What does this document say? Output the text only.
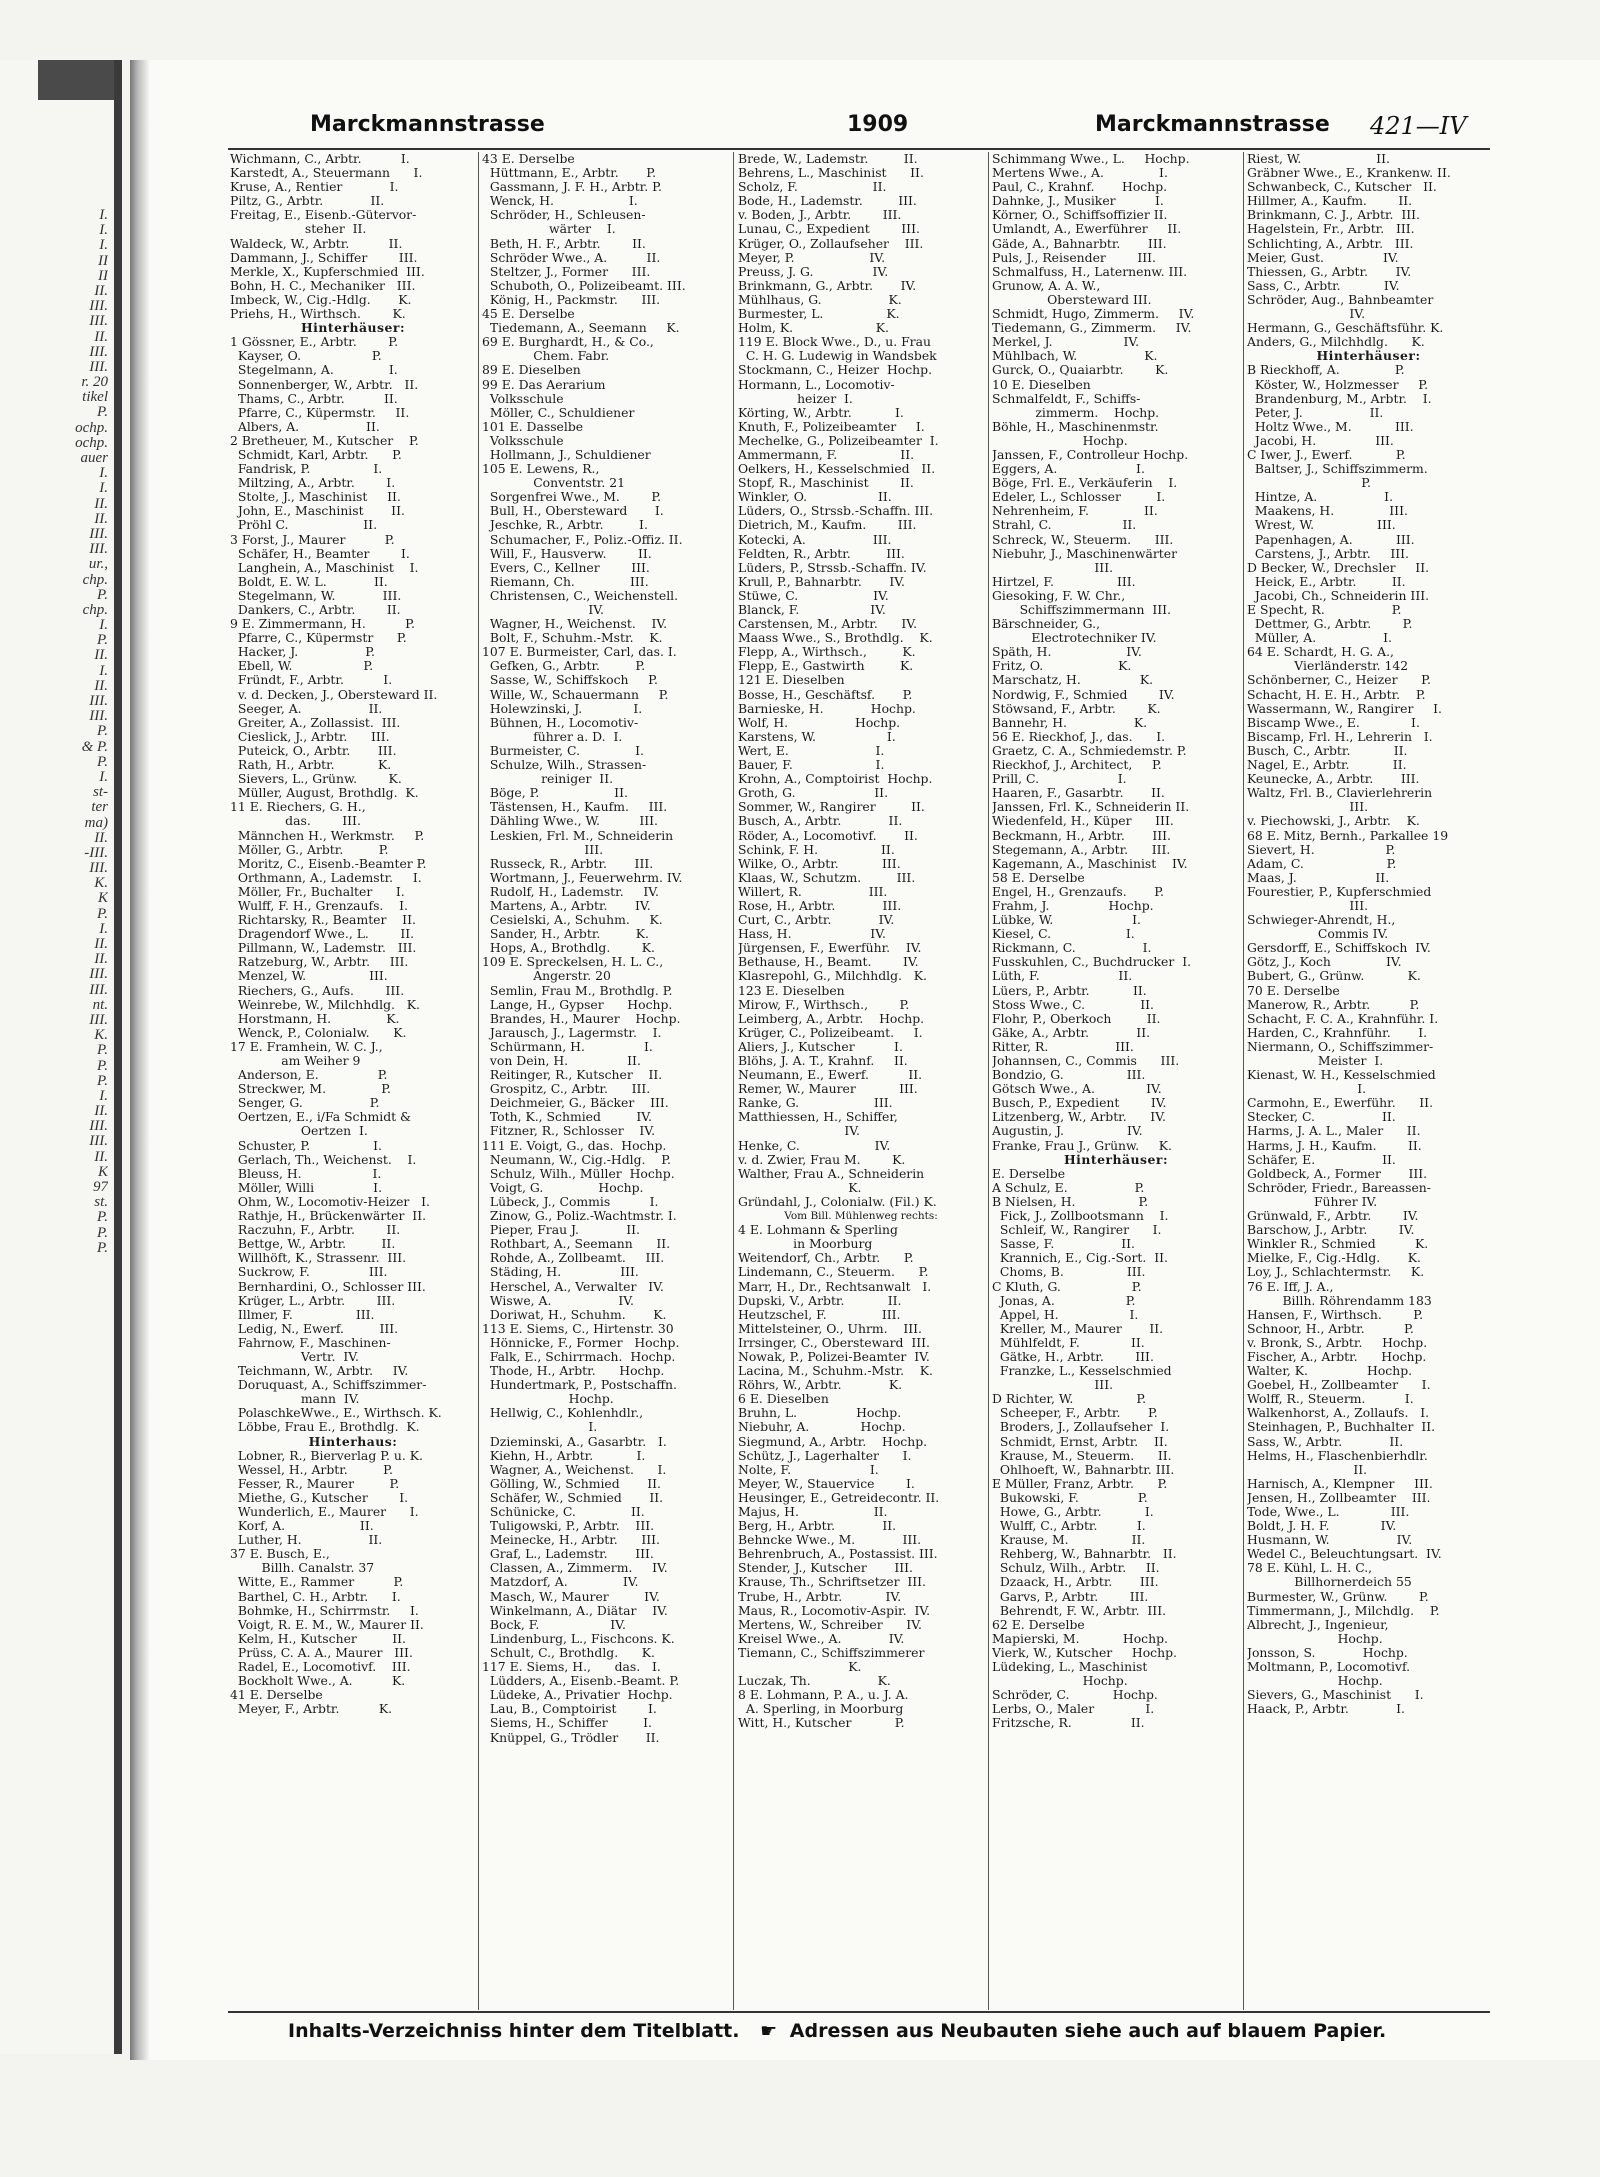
I.
I.
I.
II
II
II.
III.
III.
II.
III.
III.
r. 20
tikel
P.
ochp.
ochp.
auer
I.
I.
II.
II.
III.
III.
ur.,
chp.
P.
chp.
I.
P.
II.
I.
II.
III.
III.
P.
& P.
P.
I.
st-
ter
ma)
II.
-III.
III.
K.
K
P.
I.
II.
II.
III.
III.
nt.
III.
K.
P.
P.
P.
I.
II.
III.
III.
II.
K
97
st.
P.
P.
P.
Marckmannstrasse	1909	Marckmannstrasse 421—IV
Wichmann, C., Arbtr.          I.
Karstedt, A., Steuermann      I.
Kruse, A., Rentier            I.
Piltz, G., Arbtr.            II.
Freitag, E., Eisenb.-Gütervor-
steher  II.
Waldeck, W., Arbtr.          II.
Dammann, J., Schiffer        III.
Merkle, X., Kupferschmied  III.
Bohn, H. C., Mechaniker   III.
Imbeck, W., Cig.-Hdlg.       K.
Priehs, H., Wirthsch.        K.
Hinterhäuser:
1 Gössner, E., Arbtr.        P.
Kayser, O.                  P.
Stegelmann, A.              I.
Sonnenberger, W., Arbtr.   II.
Thams, C., Arbtr.          II.
Pfarre, C., Küpermstr.     II.
Albers, A.                 II.
2 Bretheuer, M., Kutscher    P.
Schmidt, Karl, Arbtr.      P.
Fandrisk, P.                I.
Miltzing, A., Arbtr.        I.
Stolte, J., Maschinist     II.
John, E., Maschinist       II.
Pröhl C.                   II.
3 Forst, J., Maurer          P.
Schäfer, H., Beamter        I.
Langhein, A., Maschinist    I.
Boldt, E. W. L.            II.
Stegelmann, W.            III.
Dankers, C., Arbtr.        II.
9 E. Zimmermann, H.          P.
Pfarre, C., Küpermstr      P.
Hacker, J.                 P.
Ebell, W.                  P.
Fründt, F., Arbtr.          I.
v. d. Decken, J., Obersteward II.
Seeger, A.                 II.
Greiter, A., Zollassist.  III.
Cieslick, J., Arbtr.      III.
Puteick, O., Arbtr.       III.
Rath, H., Arbtr.           K.
Sievers, L., Grünw.        K.
Müller, August, Brothdlg.  K.
11 E. Riechers, G. H.,
das.        III.
Männchen H., Werkmstr.     P.
Möller, G., Arbtr.         P.
Moritz, C., Eisenb.-Beamter P.
Orthmann, A., Lademstr.     I.
Möller, Fr., Buchalter      I.
Wulff, F. H., Grenzaufs.    I.
Richtarsky, R., Beamter    II.
Dragendorf Wwe., L.        II.
Pillmann, W., Lademstr.   III.
Ratzeburg, W., Arbtr.     III.
Menzel, W.                III.
Riechers, G., Aufs.        III.
Weinrebe, W., Milchhdlg.   K.
Horstmann, H.              K.
Wenck, P., Colonialw.      K.
17 E. Framhein, W. C. J.,
am Weiher 9
Anderson, E.               P.
Streckwer, M.              P.
Senger, G.                 P.
Oertzen, E., i/Fa Schmidt &
Oertzen  I.
Schuster, P.                I.
Gerlach, Th., Weichenst.    I.
Bleuss, H.                  I.
Möller, Willi               I.
Ohm, W., Locomotiv-Heizer   I.
Rathje, H., Brückenwärter  II.
Raczuhn, F., Arbtr.        II.
Bettge, W., Arbtr.         II.
Willhöft, K., Strassenr.  III.
Suckrow, F.               III.
Bernhardini, O., Schlosser III.
Krüger, L., Arbtr.        III.
Illmer, F.                III.
Ledig, N., Ewerf.         III.
Fahrnow, F., Maschinen-
Vertr.  IV.
Teichmann, W., Arbtr.     IV.
Doruquast, A., Schiffszimmer-
mann  IV.
PolaschkeWwe., E., Wirthsch. K.
Löbbe, Frau E., Brothdlg.  K.
Hinterhaus:
Lobner, R., Bierverlag P. u. K.
Wessel, H., Arbtr.         P.
Fesser, R., Maurer         P.
Miethe, G., Kutscher        I.
Wunderlich, E., Maurer      I.
Korf, A.                   II.
Luther, H.                 II.
37 E. Busch, E.,
Billh. Canalstr. 37
Witte, E., Rammer          P.
Barthel, C. H., Arbtr.      I.
Bohmke, H., Schirrmstr.     I.
Voigt, R. E. M., W., Maurer II.
Kelm, H., Kutscher         II.
Prüss, C. A. A., Maurer   III.
Radel, E., Locomotivf.    III.
Bockholt Wwe., A.          K.
41 E. Derselbe
Meyer, F., Arbtr.          K.
43 E. Derselbe
Hüttmann, E., Arbtr.       P.
Gassmann, J. F. H., Arbtr. P.
Wenck, H.                   I.
Schröder, H., Schleusen-
wärter    I.
Beth, H. F., Arbtr.        II.
Schröder Wwe., A.          II.
Steltzer, J., Former      III.
Schuboth, O., Polizeibeamt. III.
König, H., Packmstr.      III.
45 E. Derselbe
Tiedemann, A., Seemann     K.
69 E. Burghardt, H., & Co.,
Chem. Fabr.
89 E. Dieselben
99 E. Das Aerarium
Volksschule
Möller, C., Schuldiener
101 E. Dasselbe
Volksschule
Hollmann, J., Schuldiener
105 E. Lewens, R.,
Conventstr. 21
Sorgenfrei Wwe., M.        P.
Bull, H., Obersteward       I.
Jeschke, R., Arbtr.         I.
Schumacher, F., Poliz.-Offiz. II.
Will, F., Hausverw.        II.
Evers, C., Kellner        III.
Riemann, Ch.              III.
Christensen, C., Weichenstell.
IV.
Wagner, H., Weichenst.    IV.
Bolt, F., Schuhm.-Mstr.    K.
107 E. Burmeister, Carl, das. I.
Gefken, G., Arbtr.         P.
Sasse, W., Schiffskoch     P.
Wille, W., Schauermann     P.
Holewzinski, J.             I.
Bühnen, H., Locomotiv-
führer a. D.  I.
Burmeister, C.              I.
Schulze, Wilh., Strassen-
reiniger  II.
Böge, P.                   II.
Tästensen, H., Kaufm.     III.
Dähling Wwe., W.          III.
Leskien, Frl. M., Schneiderin
III.
Russeck, R., Arbtr.       III.
Wortmann, J., Feuerwehrm. IV.
Rudolf, H., Lademstr.     IV.
Martens, A., Arbtr.       IV.
Cesielski, A., Schuhm.     K.
Sander, H., Arbtr.         K.
Hops, A., Brothdlg.        K.
109 E. Spreckelsen, H. L. C.,
Angerstr. 20
Semlin, Frau M., Brothdlg. P.
Lange, H., Gypser      Hochp.
Brandes, H., Maurer    Hochp.
Jarausch, J., Lagermstr.    I.
Schürmann, H.               I.
von Dein, H.               II.
Reitinger, R., Kutscher    II.
Grospitz, C., Arbtr.      III.
Deichmeier, G., Bäcker    III.
Toth, K., Schmied         IV.
Fitzner, R., Schlosser    IV.
111 E. Voigt, G., das.  Hochp.
Neumann, W., Cig.-Hdlg.    P.
Schulz, Wilh., Müller  Hochp.
Voigt, G.              Hochp.
Lübeck, J., Commis          I.
Zinow, G., Poliz.-Wachtmstr. I.
Pieper, Frau J.            II.
Rothbart, A., Seemann      II.
Rohde, A., Zollbeamt.     III.
Städing, H.               III.
Herschel, A., Verwalter   IV.
Wiswe, A.                 IV.
Doriwat, H., Schuhm.       K.
113 E. Siems, C., Hirtenstr. 30
Hönnicke, F., Former   Hochp.
Falk, E., Schirrmach.  Hochp.
Thode, H., Arbtr.      Hochp.
Hundertmark, P., Postschaffn.
Hochp.
Hellwig, C., Kohlenhdlr.,
I.
Dzieminski, A., Gasarbtr.   I.
Kiehn, H., Arbtr.           I.
Wagner, A., Weichenst.      I.
Gölling, W., Schmied       II.
Schäfer, W., Schmied       II.
Schünicke, C.              II.
Tuligowski, P., Arbtr.    III.
Meinecke, H., Arbtr.      III.
Graf, L., Lademstr.       III.
Classen, A., Zimmerm.     IV.
Matzdorf, A.              IV.
Masch, W., Maurer         IV.
Winkelmann, A., Diätar    IV.
Bock, F.                  IV.
Lindenburg, L., Fischcons. K.
Schult, C., Brothdlg.      K.
117 E. Siems, H.,      das.   I.
Lüdders, A., Eisenb.-Beamt. P.
Lüdeke, A., Privatier  Hochp.
Lau, B., Comptoirist        I.
Siems, H., Schiffer         I.
Knüppel, G., Trödler       II.
Brede, W., Lademstr.         II.
Behrens, L., Maschinist      II.
Scholz, F.                   II.
Bode, H., Lademstr.         III.
v. Boden, J., Arbtr.        III.
Lunau, C., Expedient        III.
Krüger, O., Zollaufseher    III.
Meyer, P.                   IV.
Preuss, J. G.               IV.
Brinkmann, G., Arbtr.       IV.
Mühlhaus, G.                 K.
Burmester, L.                K.
Holm, K.                     K.
119 E. Block Wwe., D., u. Frau
C. H. G. Ludewig in Wandsbek
Stockmann, C., Heizer  Hochp.
Hormann, L., Locomotiv-
heizer  I.
Körting, W., Arbtr.           I.
Knuth, F., Polizeibeamter     I.
Mechelke, G., Polizeibeamter  I.
Ammermann, F.                II.
Oelkers, H., Kesselschmied   II.
Stopf, R., Maschinist        II.
Winkler, O.                  II.
Lüders, O., Strssb.-Schaffn. III.
Dietrich, M., Kaufm.        III.
Kotecki, A.                 III.
Feldten, R., Arbtr.         III.
Lüders, P., Strssb.-Schaffn. IV.
Krull, P., Bahnarbtr.       IV.
Stüwe, C.                   IV.
Blanck, F.                  IV.
Carstensen, M., Arbtr.      IV.
Maass Wwe., S., Brothdlg.    K.
Flepp, A., Wirthsch.,         K.
Flepp, E., Gastwirth         K.
121 E. Dieselben
Bosse, H., Geschäftsf.       P.
Barnieske, H.            Hochp.
Wolf, H.                 Hochp.
Karstens, W.                  I.
Wert, E.                      I.
Bauer, F.                     I.
Krohn, A., Comptoirist  Hochp.
Groth, G.                    II.
Sommer, W., Rangirer         II.
Busch, A., Arbtr.            II.
Röder, A., Locomotivf.       II.
Schink, F. H.                II.
Wilke, O., Arbtr.           III.
Klaas, W., Schutzm.         III.
Willert, R.                 III.
Rose, H., Arbtr.            III.
Curt, C., Arbtr.            IV.
Hass, H.                    IV.
Jürgensen, F., Ewerführ.    IV.
Bethause, H., Beamt.        IV.
Klasrepohl, G., Milchhdlg.   K.
123 E. Dieselben
Mirow, F., Wirthsch.,        P.
Leimberg, A., Arbtr.    Hochp.
Krüger, C., Polizeibeamt.     I.
Aliers, J., Kutscher          I.
Blöhs, J. A. T., Krahnf.     II.
Neumann, E., Ewerf.          II.
Remer, W., Maurer           III.
Ranke, G.                   III.
Matthiessen, H., Schiffer,
IV.
Henke, C.                   IV.
v. d. Zwier, Frau M.        K.
Walther, Frau A., Schneiderin
K.
Gründahl, J., Colonialw. (Fil.) K.
Vom Bill. Mühlenweg rechts:
4 E. Lohmann & Sperling
in Moorburg
Weitendorf, Ch., Arbtr.      P.
Lindemann, C., Steuerm.      P.
Marr, H., Dr., Rechtsanwalt   I.
Dupski, V., Arbtr.           II.
Heutzschel, F.              III.
Mittelsteiner, O., Uhrm.    III.
Irrsinger, C., Obersteward  III.
Nowak, P., Polizei-Beamter  IV.
Lacina, M., Schuhm.-Mstr.    K.
Röhrs, W., Arbtr.            K.
6 E. Dieselben
Bruhn, L.               Hochp.
Niebuhr, A.             Hochp.
Siegmund, A., Arbtr.    Hochp.
Schütz, J., Lagerhalter      I.
Nolte, F.                    I.
Meyer, W., Stauervice        I.
Heusinger, E., Getreidecontr. II.
Majus, H.                   II.
Berg, H., Arbtr.            II.
Behncke Wwe., M.            III.
Behrenbruch, A., Postassist. III.
Stender, J., Kutscher       III.
Krause, Th., Schriftsetzer  III.
Trube, H., Arbtr.           IV.
Maus, R., Locomotiv-Aspir.  IV.
Mertens, W., Schreiber      IV.
Kreisel Wwe., A.            IV.
Tiemann, C., Schiffszimmerer
K.
Luczak, Th.                 K.
8 E. Lohmann, P. A., u. J. A.
A. Sperling, in Moorburg
Witt, H., Kutscher           P.
Schimmang Wwe., L.     Hochp.
Mertens Wwe., A.              I.
Paul, C., Krahnf.       Hochp.
Dahnke, J., Musiker          I.
Körner, O., Schiffsoffizier II.
Umlandt, A., Ewerführer     II.
Gäde, A., Bahnarbtr.       III.
Puls, J., Reisender        III.
Schmalfuss, H., Laternenw. III.
Grunow, A. A. W.,
Obersteward III.
Schmidt, Hugo, Zimmerm.     IV.
Tiedemann, G., Zimmerm.     IV.
Merkel, J.                  IV.
Mühlbach, W.                 K.
Gurck, O., Quaiarbtr.        K.
10 E. Dieselben
Schmalfeldt, F., Schiffs-
zimmerm.    Hochp.
Böhle, H., Maschinenmstr.
Hochp.
Janssen, F., Controlleur Hochp.
Eggers, A.                    I.
Böge, Frl. E., Verkäuferin    I.
Edeler, L., Schlosser         I.
Nehrenheim, F.              II.
Strahl, C.                  II.
Schreck, W., Steuerm.      III.
Niebuhr, J., Maschinenwärter
III.
Hirtzel, F.                III.
Giesoking, F. W. Chr.,
Schiffszimmermann  III.
Bärschneider, G.,
Electrotechniker IV.
Späth, H.                   IV.
Fritz, O.                   K.
Marschatz, H.               K.
Nordwig, F., Schmied        IV.
Stöwsand, F., Arbtr.        K.
Bannehr, H.                 K.
56 E. Rieckhof, J., das.      I.
Graetz, C. A., Schmiedemstr. P.
Rieckhof, J., Architect,     P.
Prill, C.                    I.
Haaren, F., Gasarbtr.       II.
Janssen, Frl. K., Schneiderin II.
Wiedenfeld, H., Küper      III.
Beckmann, H., Arbtr.       III.
Stegemann, A., Arbtr.      III.
Kagemann, A., Maschinist    IV.
58 E. Derselbe
Engel, H., Grenzaufs.       P.
Frahm, J.               Hochp.
Lübke, W.                    I.
Kiesel, C.                   I.
Rickmann, C.                 I.
Fusskuhlen, C., Buchdrucker  I.
Lüth, F.                    II.
Lüers, P., Arbtr.           II.
Stoss Wwe., C.              II.
Flohr, P., Oberkoch         II.
Gäke, A., Arbtr.            II.
Ritter, R.                 III.
Johannsen, C., Commis      III.
Bondzio, G.                III.
Götsch Wwe., A.             IV.
Busch, P., Expedient        IV.
Litzenberg, W., Arbtr.      IV.
Augustin, J.                IV.
Franke, Frau J., Grünw.     K.
Hinterhäuser:
E. Derselbe
A Schulz, E.                 P.
B Nielsen, H.                P.
Fick, J., Zollbootsmann    I.
Schleif, W., Rangirer      I.
Sasse, F.                 II.
Krannich, E., Cig.-Sort.  II.
Choms, B.                III.
C Kluth, G.                  P.
Jonas, A.                  P.
Appel, H.                  I.
Kreller, M., Maurer       II.
Mühlfeldt, F.             II.
Gätke, H., Arbtr.        III.
Franzke, L., Kesselschmied
III.
D Richter, W.                P.
Scheeper, F., Arbtr.       P.
Broders, J., Zollaufseher  I.
Schmidt, Ernst, Arbtr.    II.
Krause, M., Steuerm.      II.
Ohlhoeft, W., Bahnarbtr. III.
E Müller, Franz, Arbtr.      P.
Bukowski, F.               P.
Howe, G., Arbtr.           I.
Wulff, C., Arbtr.          I.
Krause, M.                II.
Rehberg, W., Bahnarbtr.   II.
Schulz, Wilh., Arbtr.     II.
Dzaack, H., Arbtr.       III.
Garvs, P., Arbtr.        III.
Behrendt, F. W., Arbtr.  III.
62 E. Derselbe
Mapierski, M.           Hochp.
Vierk, W., Kutscher     Hochp.
Lüdeking, L., Maschinist
Hochp.
Schröder, C.           Hochp.
Lerbs, O., Maler             I.
Fritzsche, R.               II.
Riest, W.                   II.
Gräbner Wwe., E., Krankenw. II.
Schwanbeck, C., Kutscher   II.
Hillmer, A., Kaufm.        II.
Brinkmann, C. J., Arbtr.  III.
Hagelstein, Fr., Arbtr.   III.
Schlichting, A., Arbtr.   III.
Meier, Gust.               IV.
Thiessen, G., Arbtr.       IV.
Sass, C., Arbtr.           IV.
Schröder, Aug., Bahnbeamter
IV.
Hermann, G., Geschäftsführ. K.
Anders, G., Milchhdlg.      K.
Hinterhäuser:
B Rieckhoff, A.              P.
Köster, W., Holzmesser     P.
Brandenburg, M., Arbtr.    I.
Peter, J.                 II.
Holtz Wwe., M.           III.
Jacobi, H.               III.
C Iwer, J., Ewerf.           P.
Baltser, J., Schiffszimmerm.
P.
Hintze, A.                 I.
Maakens, H.              III.
Wrest, W.                III.
Papenhagen, A.           III.
Carstens, J., Arbtr.     III.
D Becker, W., Drechsler     II.
Heick, E., Arbtr.         II.
Jacobi, Ch., Schneiderin III.
E Specht, R.                 P.
Dettmer, G., Arbtr.        P.
Müller, A.                 I.
64 E. Schardt, H. G. A.,
Vierländerstr. 142
Schönberner, C., Heizer      P.
Schacht, H. E. H., Arbtr.    P.
Wassermann, W., Rangirer     I.
Biscamp Wwe., E.             I.
Biscamp, Frl. H., Lehrerin   I.
Busch, C., Arbtr.           II.
Nagel, E., Arbtr.           II.
Keunecke, A., Arbtr.       III.
Waltz, Frl. B., Clavierlehrerin
III.
v. Piechowski, J., Arbtr.    K.
68 E. Mitz, Bernh., Parkallee 19
Sievert, H.                  P.
Adam, C.                     P.
Maas, J.                    II.
Fourestier, P., Kupferschmied
III.
Schwieger-Ahrendt, H.,
Commis IV.
Gersdorff, E., Schiffskoch  IV.
Götz, J., Koch              IV.
Bubert, G., Grünw.           K.
70 E. Derselbe
Manerow, R., Arbtr.          P.
Schacht, F. C. A., Krahnführ. I.
Harden, C., Krahnführ.       I.
Niermann, O., Schiffszimmer-
Meister  I.
Kienast, W. H., Kesselschmied
I.
Carmohn, E., Ewerführ.      II.
Stecker, C.                 II.
Harms, J. A. L., Maler      II.
Harms, J. H., Kaufm.        II.
Schäfer, E.                 II.
Goldbeck, A., Former       III.
Schröder, Friedr., Bareassen-
Führer IV.
Grünwald, F., Arbtr.        IV.
Barschow, J., Arbtr.        IV.
Winkler R., Schmied          K.
Mielke, F., Cig.-Hdlg.       K.
Loy, J., Schlachtermstr.     K.
76 E. Iff, J. A.,
Billh. Röhrendamm 183
Hansen, F., Wirthsch.        P.
Schnoor, H., Arbtr.          P.
v. Bronk, S., Arbtr.     Hochp.
Fischer, A., Arbtr.      Hochp.
Walter, K.               Hochp.
Goebel, H., Zollbeamter      I.
Wolff, R., Steuerm.          I.
Walkenhorst, A., Zollaufs.   I.
Steinhagen, P., Buchhalter  II.
Sass, W., Arbtr.            II.
Helms, H., Flaschenbierhdlr.
II.
Harnisch, A., Klempner     III.
Jensen, H., Zollbeamter    III.
Tode, Wwe., L.             III.
Boldt, J. H. F.             IV.
Husmann, W.                 IV.
Wedel C., Beleuchtungsart.  IV.
78 E. Kühl, L. H. C.,
Billhornerdeich 55
Burmester, W., Grünw.        P.
Timmermann, J., Milchdlg.    P.
Albrecht, J., Ingenieur,
Hochp.
Jonsson, S.            Hochp.
Moltmann, P., Locomotivf.
Hochp.
Sievers, G., Maschinist      I.
Haack, P., Arbtr.            I.
Inhalts-Verzeichniss hinter dem Titelblatt. ☛ Adressen aus Neubauten siehe auch auf blauem Papier.
